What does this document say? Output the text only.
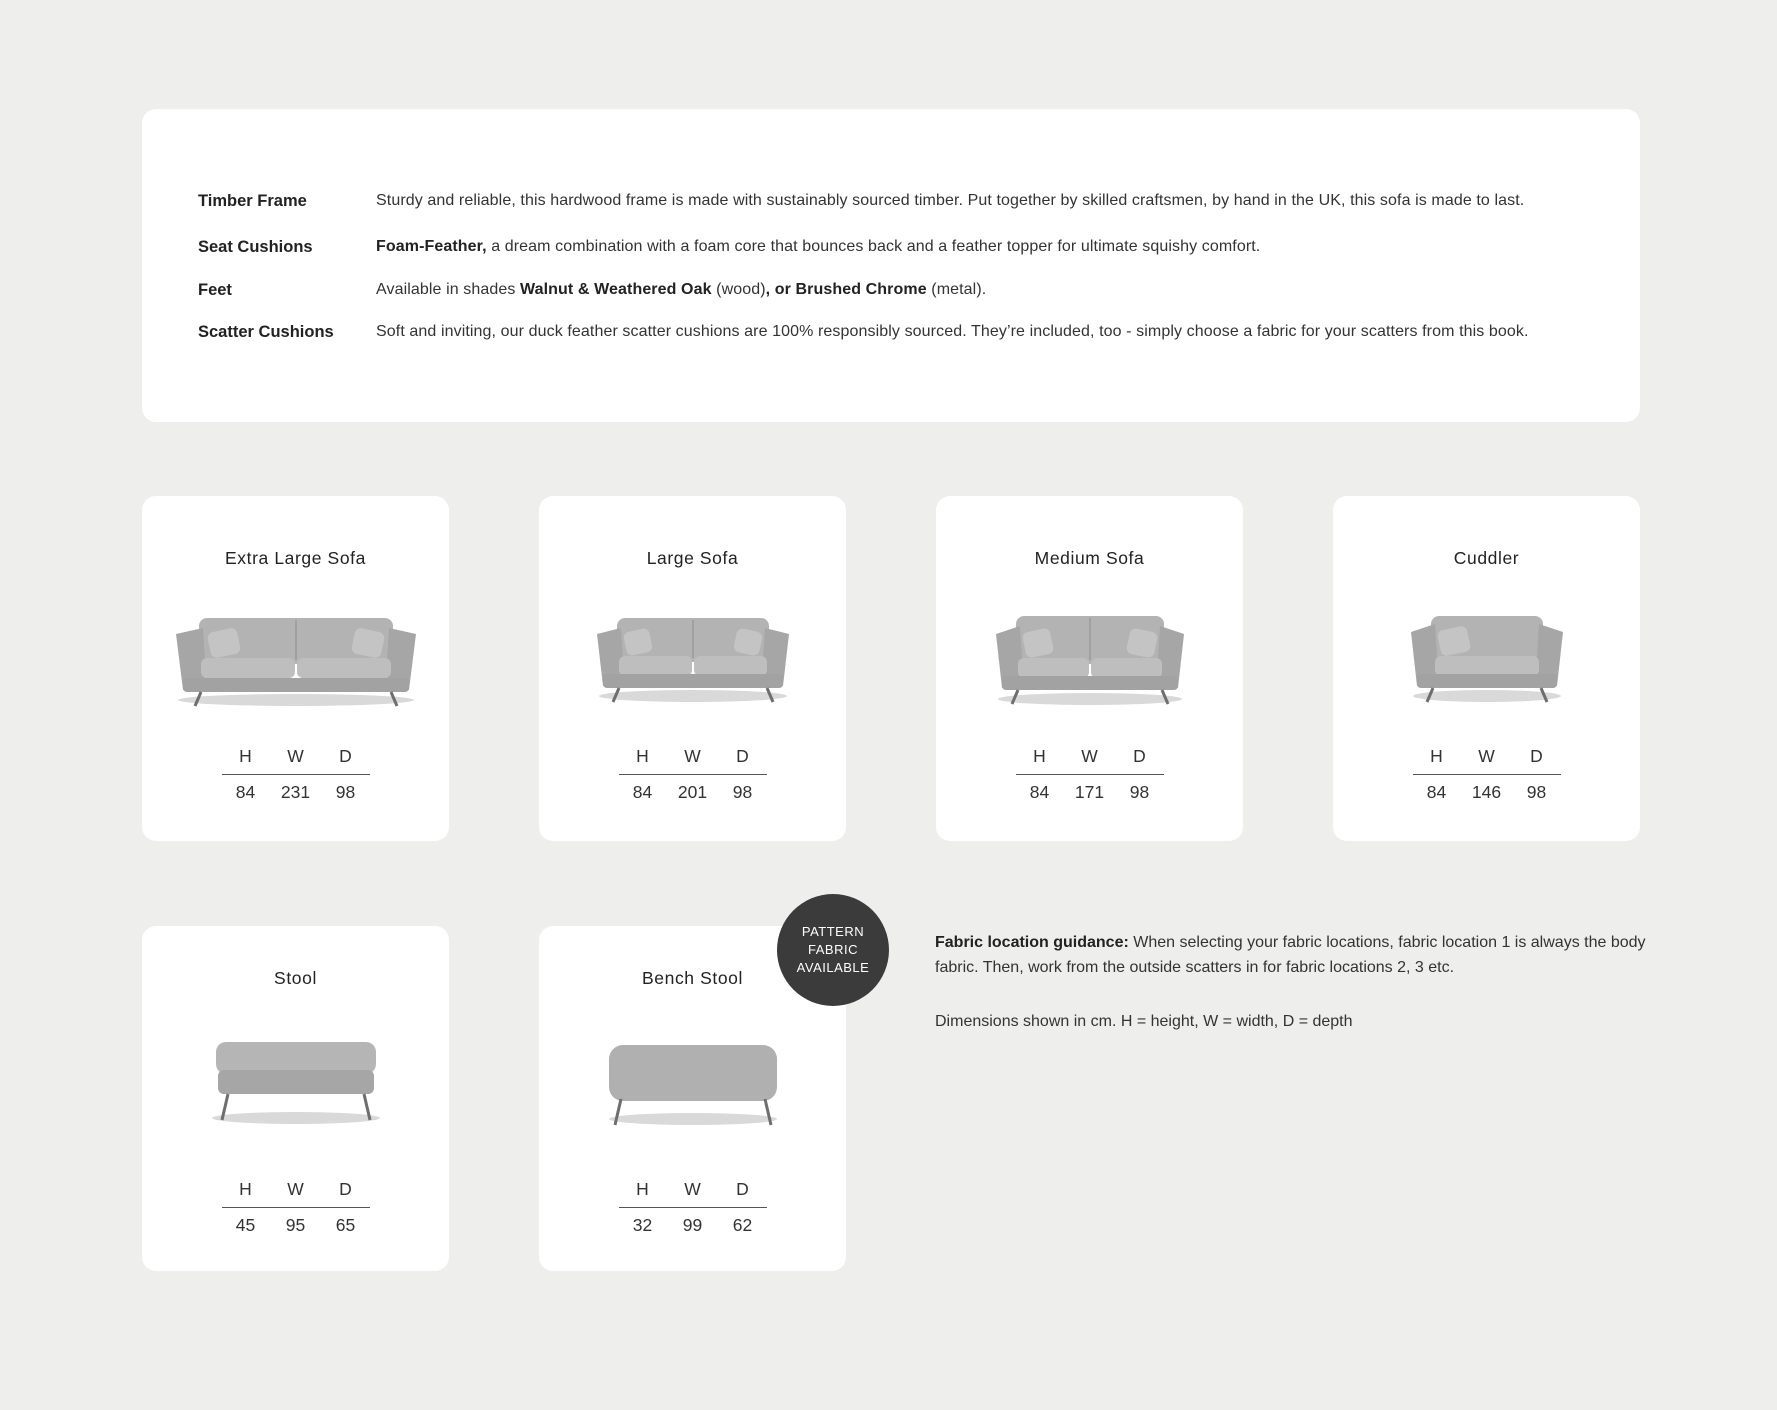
Timber Frame	Sturdy and reliable, this hardwood frame is made with sustainably sourced timber. Put together by skilled craftsmen, by hand in the UK, this sofa is made to last.
Seat Cushions	Foam-Feather, a dream combination with a foam core that bounces back and a feather topper for ultimate squishy comfort.
Feet	Available in shades Walnut & Weathered Oak (wood), or Brushed Chrome (metal).
Scatter Cushions	Soft and inviting, our duck feather scatter cushions are 100% responsibly sourced. They’re included, too - simply choose a fabric for your scatters from this book.
Extra Large Sofa
H	W	D
84	231	98
Large Sofa
H	W	D
84	201	98
Medium Sofa
H	W	D
84	171	98
Cuddler
H	W	D
84	146	98
Stool
H	W	D
45	95	65
Bench Stool
H	W	D
32	99	62
PATTERN
FABRIC
AVAILABLE
Fabric location guidance: When selecting your fabric locations, fabric location 1 is always the body fabric. Then, work from the outside scatters in for fabric locations 2, 3 etc.
Dimensions shown in cm. H = height, W = width, D = depth
